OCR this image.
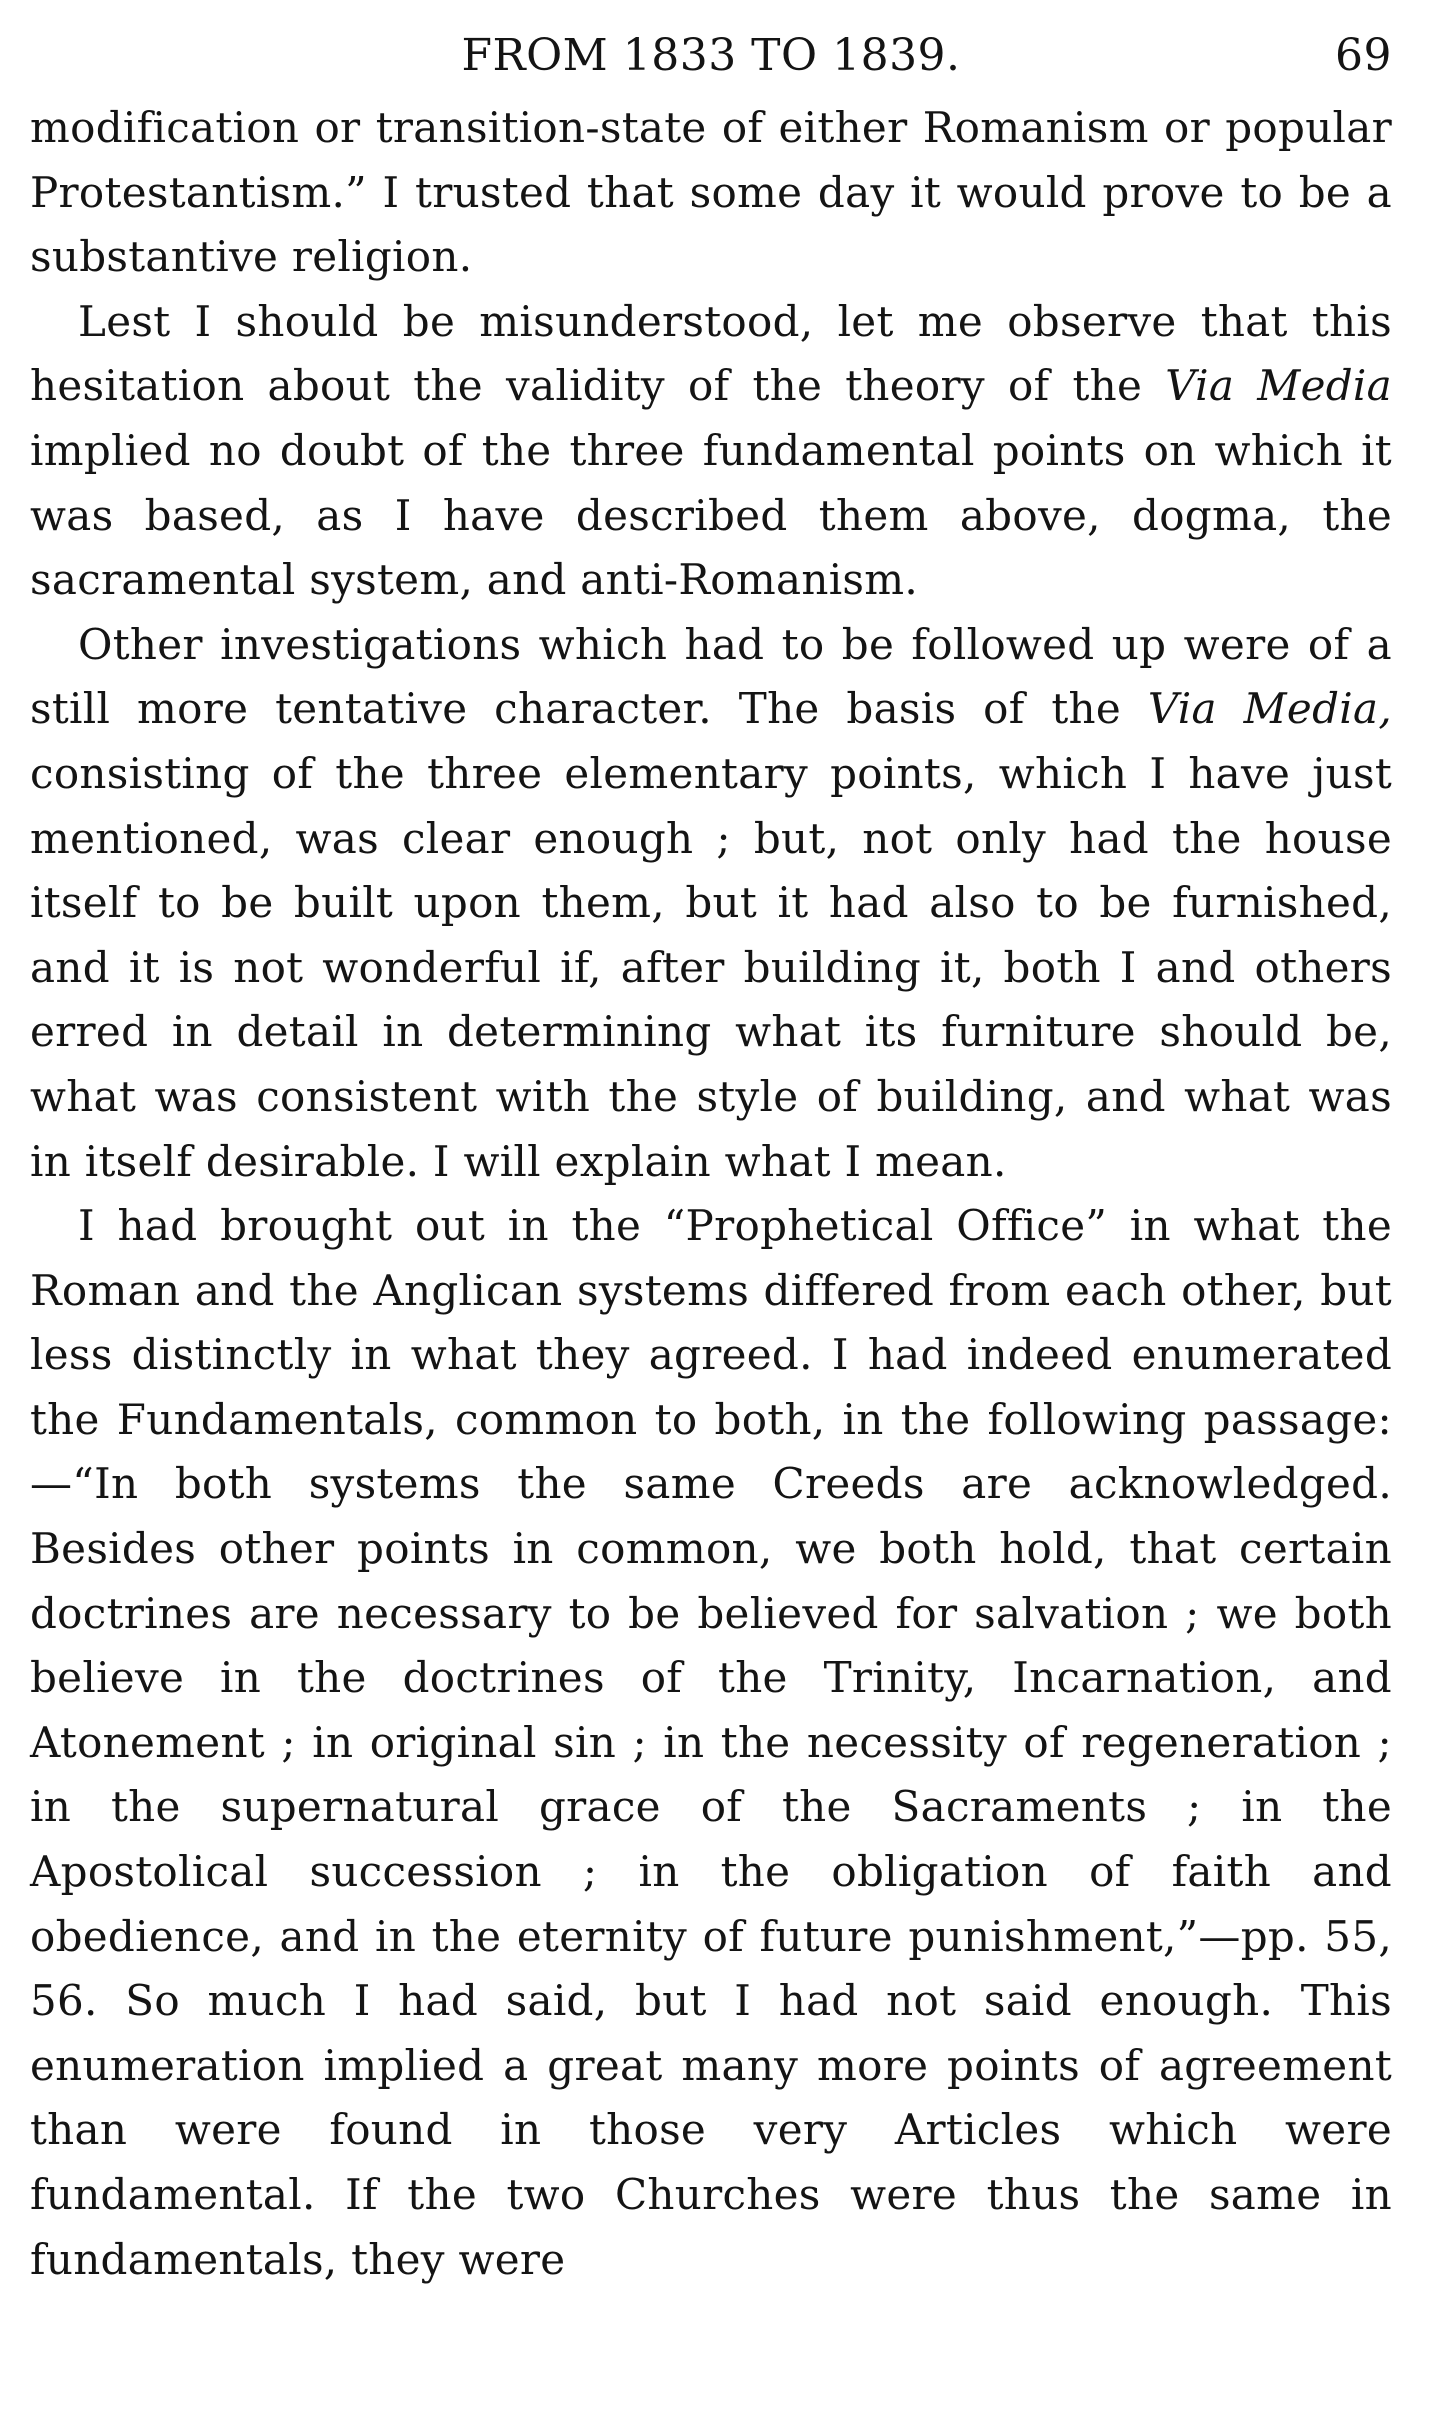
FROM 1833 TO 1839.	69

modification or transition-state of either Romanism or popular Protestantism.” I trusted that some day it would prove to be a substantive religion.

Lest I should be misunderstood, let me observe that this hesitation about the validity of the theory of the Via Media implied no doubt of the three fundamental points on which it was based, as I have described them above, dogma, the sacramental system, and anti-Romanism.

Other investigations which had to be followed up were of a still more tentative character. The basis of the Via Media, consisting of the three elementary points, which I have just mentioned, was clear enough ; but, not only had the house itself to be built upon them, but it had also to be furnished, and it is not wonderful if, after building it, both I and others erred in detail in determining what its furniture should be, what was consistent with the style of building, and what was in itself desirable. I will explain what I mean.

I had brought out in the “Prophetical Office” in what the Roman and the Anglican systems differed from each other, but less distinctly in what they agreed. I had indeed enumerated the Fundamentals, common to both, in the following passage:—“In both systems the same Creeds are acknowledged. Besides other points in common, we both hold, that certain doctrines are necessary to be believed for salvation ; we both believe in the doctrines of the Trinity, Incarnation, and Atonement ; in original sin ; in the necessity of regeneration ; in the supernatural grace of the Sacraments ; in the Apostolical succession ; in the obligation of faith and obedience, and in the eternity of future punishment,”—pp. 55, 56. So much I had said, but I had not said enough. This enumeration implied a great many more points of agreement than were found in those very Articles which were fundamental. If the two Churches were thus the same in fundamentals, they were
